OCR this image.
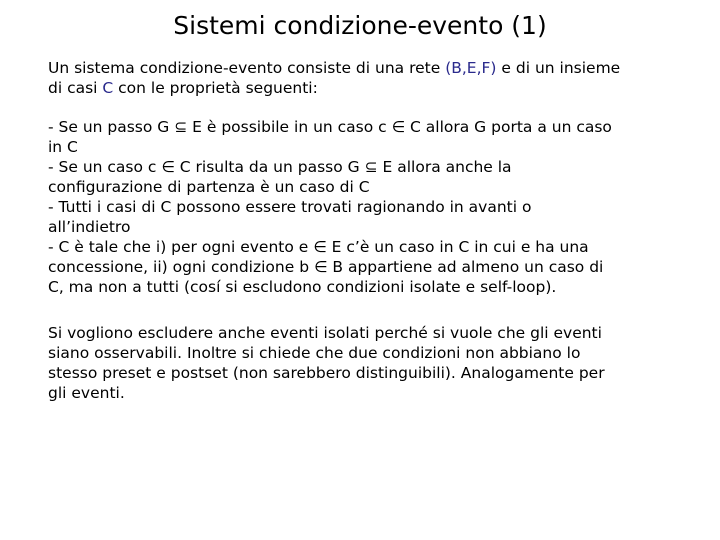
Sistemi condizione-evento (1)

Un sistema condizione-evento consiste di una rete (B,E,F) e di un insieme
di casi C con le proprietà seguenti:

- Se un passo G ⊆ E è possibile in un caso c ∈ C allora G porta a un caso
in C

- Se un caso c ∈ C risulta da un passo G ⊆ E allora anche la
configurazione di partenza è un caso di C

- Tutti i casi di C possono essere trovati ragionando in avanti o
all’indietro

- C è tale che i) per ogni evento e ∈ E c’è un caso in C in cui e ha una
concessione, ii) ogni condizione b ∈ B appartiene ad almeno un caso di
C, ma non a tutti (cosí si escludono condizioni isolate e self-loop).

Si vogliono escludere anche eventi isolati perché si vuole che gli eventi
siano osservabili. Inoltre si chiede che due condizioni non abbiano lo
stesso preset e postset (non sarebbero distinguibili). Analogamente per
gli eventi.
